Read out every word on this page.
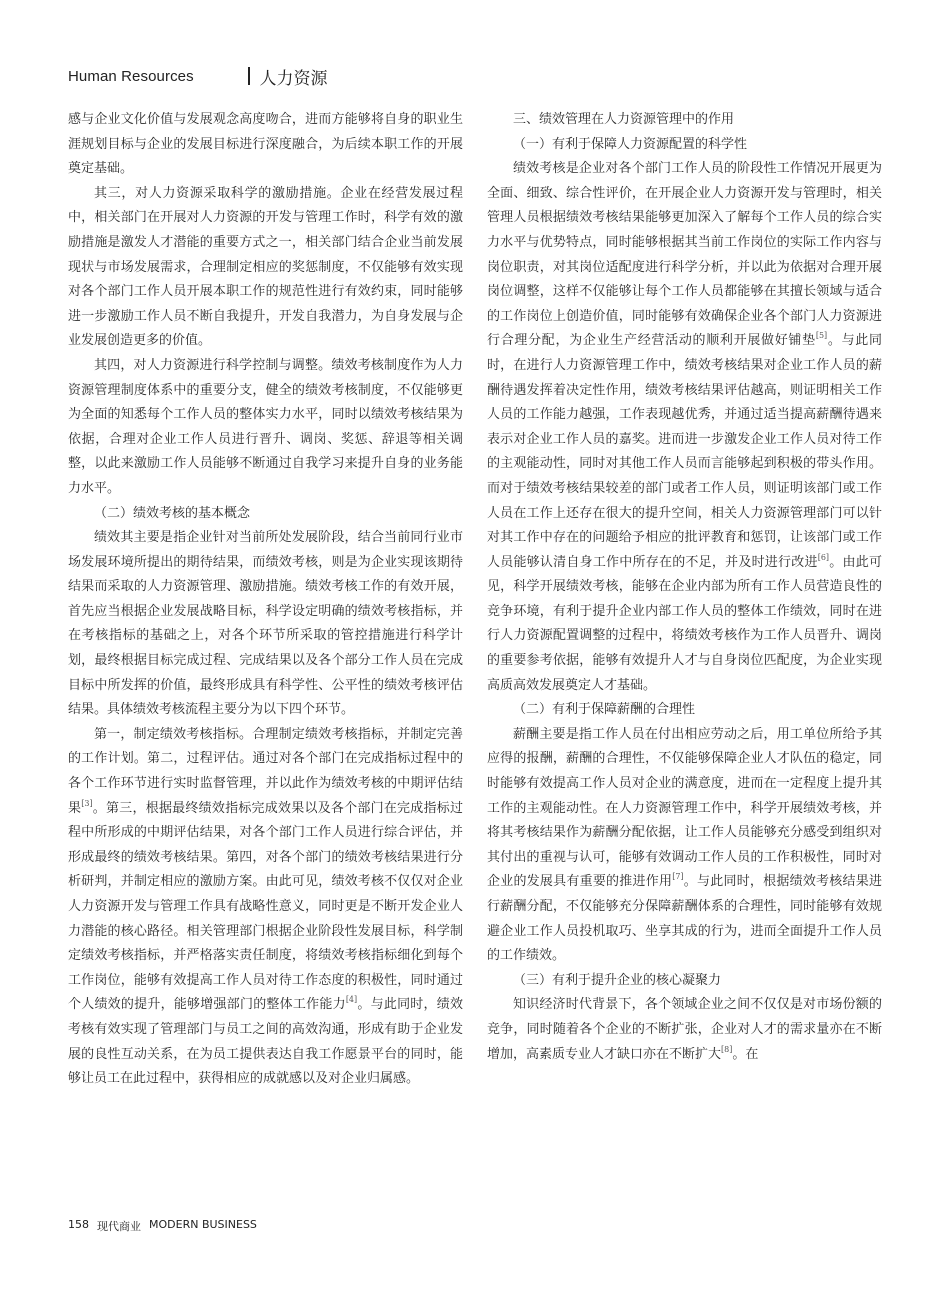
Human Resources	人力资源

感与企业文化价值与发展观念高度吻合，进而方能够将自身的职业生涯规划目标与企业的发展目标进行深度融合，为后续本职工作的开展奠定基础。

其三，对人力资源采取科学的激励措施。企业在经营发展过程中，相关部门在开展对人力资源的开发与管理工作时，科学有效的激励措施是激发人才潜能的重要方式之一，相关部门结合企业当前发展现状与市场发展需求，合理制定相应的奖惩制度，不仅能够有效实现对各个部门工作人员开展本职工作的规范性进行有效约束，同时能够进一步激励工作人员不断自我提升，开发自我潜力，为自身发展与企业发展创造更多的价值。

其四，对人力资源进行科学控制与调整。绩效考核制度作为人力资源管理制度体系中的重要分支，健全的绩效考核制度，不仅能够更为全面的知悉每个工作人员的整体实力水平，同时以绩效考核结果为依据，合理对企业工作人员进行晋升、调岗、奖惩、辞退等相关调整，以此来激励工作人员能够不断通过自我学习来提升自身的业务能力水平。

（二）绩效考核的基本概念

绩效其主要是指企业针对当前所处发展阶段，结合当前同行业市场发展环境所提出的期待结果，而绩效考核，则是为企业实现该期待结果而采取的人力资源管理、激励措施。绩效考核工作的有效开展，首先应当根据企业发展战略目标，科学设定明确的绩效考核指标，并在考核指标的基础之上，对各个环节所采取的管控措施进行科学计划，最终根据目标完成过程、完成结果以及各个部分工作人员在完成目标中所发挥的价值，最终形成具有科学性、公平性的绩效考核评估结果。具体绩效考核流程主要分为以下四个环节。

第一，制定绩效考核指标。合理制定绩效考核指标，并制定完善的工作计划。第二，过程评估。通过对各个部门在完成指标过程中的各个工作环节进行实时监督管理，并以此作为绩效考核的中期评估结果[3]。第三，根据最终绩效指标完成效果以及各个部门在完成指标过程中所形成的中期评估结果，对各个部门工作人员进行综合评估，并形成最终的绩效考核结果。第四，对各个部门的绩效考核结果进行分析研判，并制定相应的激励方案。由此可见，绩效考核不仅仅对企业人力资源开发与管理工作具有战略性意义，同时更是不断开发企业人力潜能的核心路径。相关管理部门根据企业阶段性发展目标，科学制定绩效考核指标，并严格落实责任制度，将绩效考核指标细化到每个工作岗位，能够有效提高工作人员对待工作态度的积极性，同时通过个人绩效的提升，能够增强部门的整体工作能力[4]。与此同时，绩效考核有效实现了管理部门与员工之间的高效沟通，形成有助于企业发展的良性互动关系，在为员工提供表达自我工作愿景平台的同时，能够让员工在此过程中，获得相应的成就感以及对企业归属感。

三、绩效管理在人力资源管理中的作用

（一）有利于保障人力资源配置的科学性

绩效考核是企业对各个部门工作人员的阶段性工作情况开展更为全面、细致、综合性评价，在开展企业人力资源开发与管理时，相关管理人员根据绩效考核结果能够更加深入了解每个工作人员的综合实力水平与优势特点，同时能够根据其当前工作岗位的实际工作内容与岗位职责，对其岗位适配度进行科学分析，并以此为依据对合理开展岗位调整，这样不仅能够让每个工作人员都能够在其擅长领域与适合的工作岗位上创造价值，同时能够有效确保企业各个部门人力资源进行合理分配，为企业生产经营活动的顺利开展做好铺垫[5]。与此同时，在进行人力资源管理工作中，绩效考核结果对企业工作人员的薪酬待遇发挥着决定性作用，绩效考核结果评估越高，则证明相关工作人员的工作能力越强，工作表现越优秀，并通过适当提高薪酬待遇来表示对企业工作人员的嘉奖。进而进一步激发企业工作人员对待工作的主观能动性，同时对其他工作人员而言能够起到积极的带头作用。而对于绩效考核结果较差的部门或者工作人员，则证明该部门或工作人员在工作上还存在很大的提升空间，相关人力资源管理部门可以针对其工作中存在的问题给予相应的批评教育和惩罚，让该部门或工作人员能够认清自身工作中所存在的不足，并及时进行改进[6]。由此可见，科学开展绩效考核，能够在企业内部为所有工作人员营造良性的竞争环境，有利于提升企业内部工作人员的整体工作绩效，同时在进行人力资源配置调整的过程中，将绩效考核作为工作人员晋升、调岗的重要参考依据，能够有效提升人才与自身岗位匹配度，为企业实现高质高效发展奠定人才基础。

（二）有利于保障薪酬的合理性

薪酬主要是指工作人员在付出相应劳动之后，用工单位所给予其应得的报酬，薪酬的合理性，不仅能够保障企业人才队伍的稳定，同时能够有效提高工作人员对企业的满意度，进而在一定程度上提升其工作的主观能动性。在人力资源管理工作中，科学开展绩效考核，并将其考核结果作为薪酬分配依据，让工作人员能够充分感受到组织对其付出的重视与认可，能够有效调动工作人员的工作积极性，同时对企业的发展具有重要的推进作用[7]。与此同时，根据绩效考核结果进行薪酬分配，不仅能够充分保障薪酬体系的合理性，同时能够有效规避企业工作人员投机取巧、坐享其成的行为，进而全面提升工作人员的工作绩效。

（三）有利于提升企业的核心凝聚力

知识经济时代背景下，各个领域企业之间不仅仅是对市场份额的竞争，同时随着各个企业的不断扩张，企业对人才的需求量亦在不断增加，高素质专业人才缺口亦在不断扩大[8]。在

158 现代商业 MODERN BUSINESS
